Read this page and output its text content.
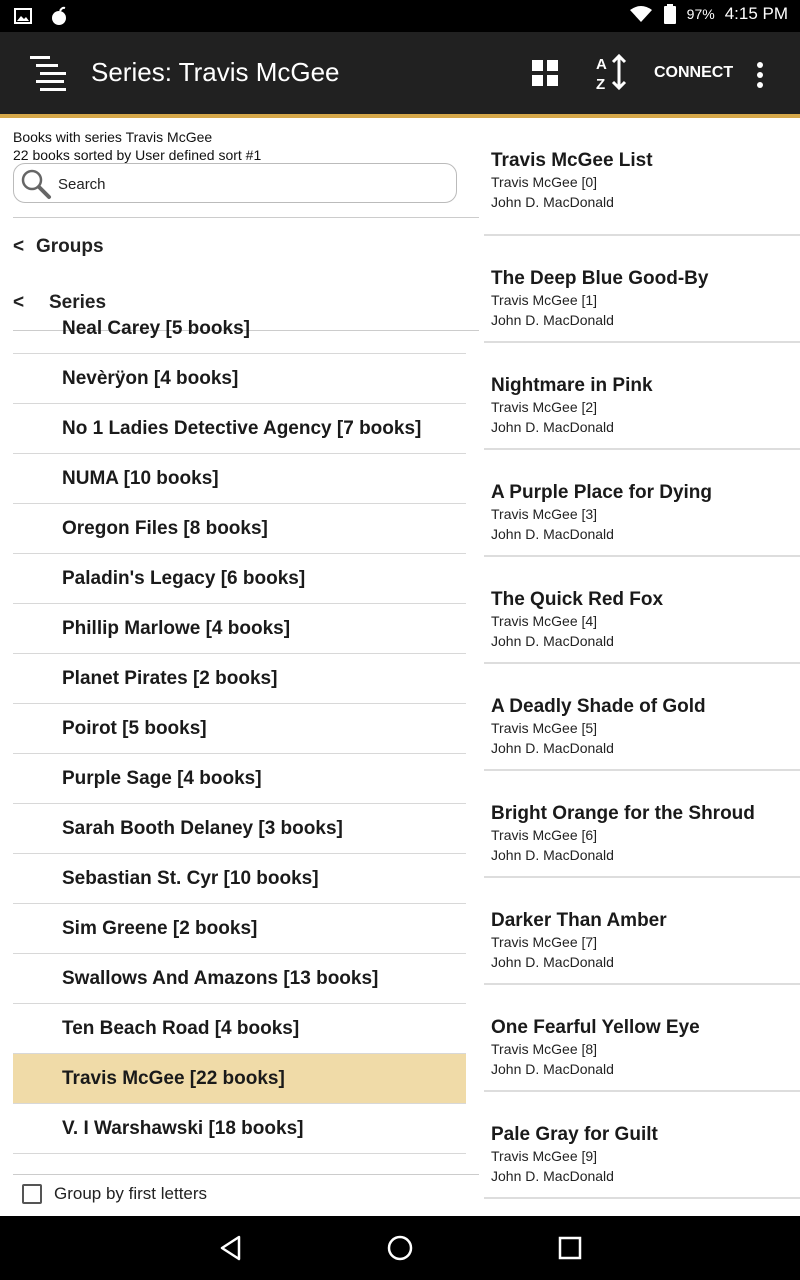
97% 4:15 PM
Series: Travis McGee	A
Z
CONNECT
Books with series Travis McGee
22 books sorted by User defined sort #1
Search
< Groups
< Series
Neal Carey [5 books]
Nevèrÿon [4 books]
No 1 Ladies Detective Agency [7 books]
NUMA [10 books]
Oregon Files [8 books]
Paladin's Legacy [6 books]
Phillip Marlowe [4 books]
Planet Pirates [2 books]
Poirot [5 books]
Purple Sage [4 books]
Sarah Booth Delaney [3 books]
Sebastian St. Cyr [10 books]
Sim Greene [2 books]
Swallows And Amazons [13 books]
Ten Beach Road [4 books]
Travis McGee [22 books]
V. I Warshawski [18 books]
Group by first letters
Travis McGee List
Travis McGee [0]
John D. MacDonald
The Deep Blue Good-By
Travis McGee [1]
John D. MacDonald
Nightmare in Pink
Travis McGee [2]
John D. MacDonald
A Purple Place for Dying
Travis McGee [3]
John D. MacDonald
The Quick Red Fox
Travis McGee [4]
John D. MacDonald
A Deadly Shade of Gold
Travis McGee [5]
John D. MacDonald
Bright Orange for the Shroud
Travis McGee [6]
John D. MacDonald
Darker Than Amber
Travis McGee [7]
John D. MacDonald
One Fearful Yellow Eye
Travis McGee [8]
John D. MacDonald
Pale Gray for Guilt
Travis McGee [9]
John D. MacDonald
